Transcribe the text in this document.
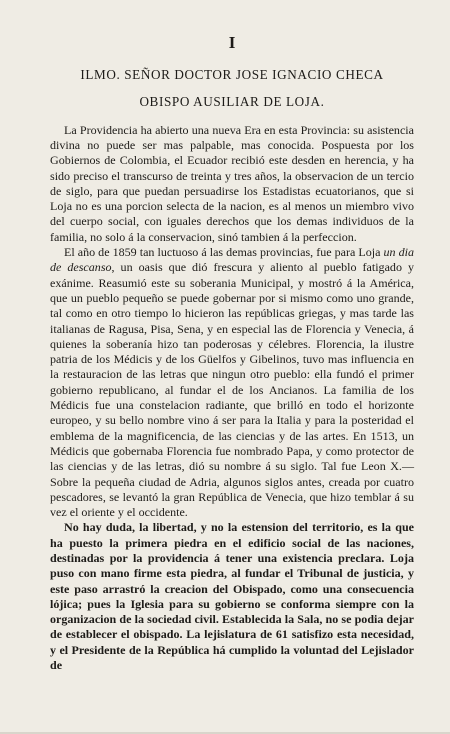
I
ILMO. SEÑOR DOCTOR JOSE IGNACIO CHECA
OBISPO AUSILIAR DE LOJA.

La Providencia ha abierto una nueva Era en esta Provincia: su asistencia divina no puede ser mas palpable, mas conocida. Pospuesta por los Gobiernos de Colombia, el Ecuador recibió este desden en herencia, y ha sido preciso el transcurso de treinta y tres años, la observacion de un tercio de siglo, para que puedan persuadirse los Estadistas ecuatorianos, que si Loja no es una porcion selecta de la nacion, es al menos un miembro vivo del cuerpo social, con iguales derechos que los demas individuos de la familia, no solo á la conservacion, sinó tambien á la perfeccion.

El año de 1859 tan luctuoso á las demas provincias, fue para Loja un dia de descanso, un oasis que dió frescura y aliento al pueblo fatigado y exánime. Reasumió este su soberania Municipal, y mostró á la América, que un pueblo pequeño se puede gobernar por si mismo como uno grande, tal como en otro tiempo lo hicieron las repúblicas griegas, y mas tarde las italianas de Ragusa, Pisa, Sena, y en especial las de Florencia y Venecia, á quienes la soberanía hizo tan poderosas y célebres. Florencia, la ilustre patria de los Médicis y de los Güelfos y Gibelinos, tuvo mas influencia en la restauracion de las letras que ningun otro pueblo: ella fundó el primer gobierno republicano, al fundar el de los Ancianos. La familia de los Médicis fue una constelacion radiante, que brilló en todo el horizonte europeo, y su bello nombre vino á ser para la Italia y para la posteridad el emblema de la magnificencia, de las ciencias y de las artes. En 1513, un Médicis que gobernaba Florencia fue nombrado Papa, y como protector de las ciencias y de las letras, dió su nombre á su siglo. Tal fue Leon X.— Sobre la pequeña ciudad de Adria, algunos siglos antes, creada por cuatro pescadores, se levantó la gran República de Venecia, que hizo temblar á su vez el oriente y el occidente.

No hay duda, la libertad, y no la estension del territorio, es la que ha puesto la primera piedra en el edificio social de las naciones, destinadas por la providencia á tener una existencia preclara. Loja puso con mano firme esta piedra, al fundar el Tribunal de justicia, y este paso arrastró la creacion del Obispado, como una consecuencia lójica; pues la Iglesia para su gobierno se conforma siempre con la organizacion de la sociedad civil. Establecida la Sala, no se podia dejar de establecer el obispado. La lejislatura de 61 satisfizo esta necesidad, y el Presidente de la República há cumplido la voluntad del Lejislador de
